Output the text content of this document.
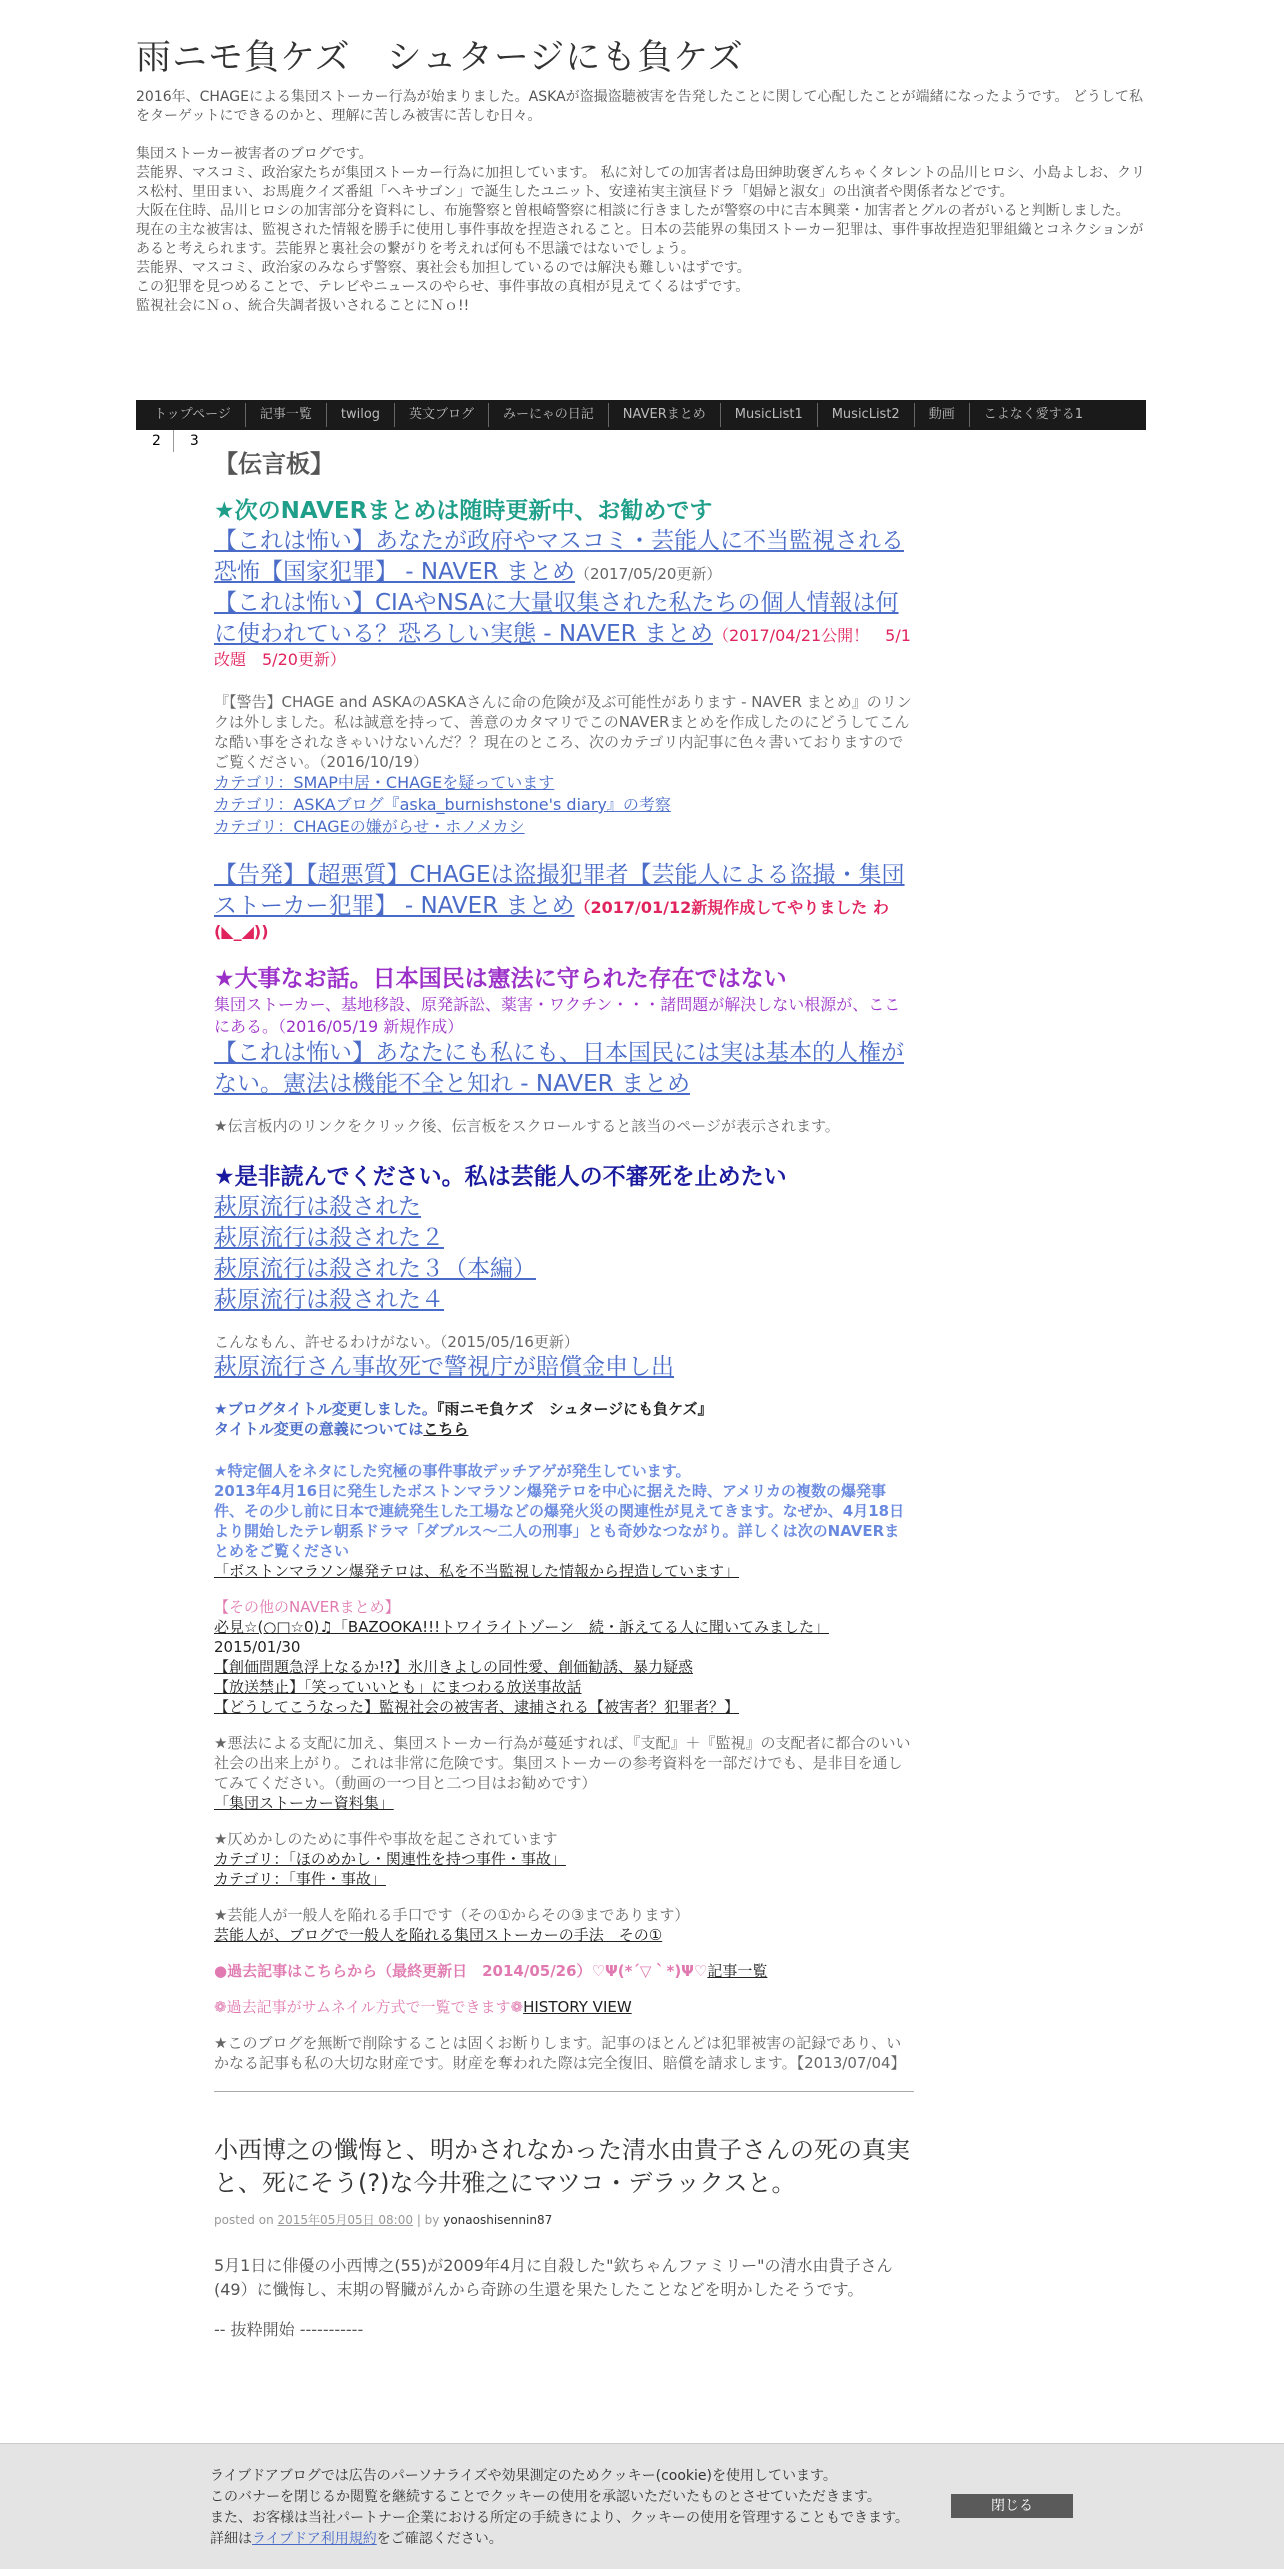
雨ニモ負ケズ　シュタージにも負ケズ
2016年、CHAGEによる集団ストーカー行為が始まりました。ASKAが盗撮盗聴被害を告発したことに関して心配したことが端緒になったようです。 どうして私をターゲットにできるのかと、理解に苦しみ被害に苦しむ日々。

集団ストーカー被害者のブログです。
芸能界、マスコミ、政治家たちが集団ストーカー行為に加担しています。 私に対しての加害者は島田紳助褒ぎんちゃくタレントの品川ヒロシ、小島よしお、クリス松村、里田まい、お馬鹿クイズ番組「ヘキサゴン」で誕生したユニット、安達祐実主演昼ドラ「娼婦と淑女」の出演者や関係者などです。
大阪在住時、品川ヒロシの加害部分を資料にし、布施警察と曽根崎警察に相談に行きましたが警察の中に吉本興業・加害者とグルの者がいると判断しました。
現在の主な被害は、監視された情報を勝手に使用し事件事故を捏造されること。日本の芸能界の集団ストーカー犯罪は、事件事故捏造犯罪組織とコネクションがあると考えられます。芸能界と裏社会の繋がりを考えれば何も不思議ではないでしょう。
芸能界、マスコミ、政治家のみならず警察、裏社会も加担しているのでは解決も難しいはずです。
この犯罪を見つめることで、テレビやニュースのやらせ、事件事故の真相が見えてくるはずです。
監視社会にＮｏ、統合失調者扱いされることにＮｏ!!
トップページ	記事一覧	twilog	英文ブログ	みーにゃの日記	NAVERまとめ	MusicList1	MusicList2	動画	こよなく愛する1
2	3
【伝言板】
★次のNAVERまとめは随時更新中、お勧めです
【これは怖い】あなたが政府やマスコミ・芸能人に不当監視される恐怖【国家犯罪】 - NAVER まとめ（2017/05/20更新）
【これは怖い】CIAやNSAに大量収集された私たちの個人情報は何に使われている？恐ろしい実態 - NAVER まとめ（2017/04/21公開！　5/1改題　5/20更新）

『【警告】CHAGE and ASKAのASKAさんに命の危険が及ぶ可能性があります - NAVER まとめ』のリンクは外しました。私は誠意を持って、善意のカタマリでこのNAVERまとめを作成したのにどうしてこんな酷い事をされなきゃいけないんだ？？現在のところ、次のカテゴリ内記事に色々書いておりますのでご覧ください。（2016/10/19）

カテゴリ：SMAP中居・CHAGEを疑っています
カテゴリ：ASKAブログ『aska_burnishstone's diary』の考察
カテゴリ：CHAGEの嫌がらせ・ホノメカシ
【告発】【超悪質】CHAGEは盗撮犯罪者【芸能人による盗撮・集団ストーカー犯罪】 - NAVER まとめ（2017/01/12新規作成してやりました わ(◣_◢))
★大事なお話。日本国民は憲法に守られた存在ではない

集団ストーカー、基地移設、原発訴訟、薬害・ワクチン・・・諸問題が解決しない根源が、ここにある。（2016/05/19 新規作成）

【これは怖い】あなたにも私にも、日本国民には実は基本的人権がない。憲法は機能不全と知れ - NAVER まとめ

★伝言板内のリンクをクリック後、伝言板をスクロールすると該当のページが表示されます。

★是非読んでください。私は芸能人の不審死を止めたい
萩原流行は殺された
萩原流行は殺された２
萩原流行は殺された３（本編）
萩原流行は殺された４

こんなもん、許せるわけがない。（2015/05/16更新）

萩原流行さん事故死で警視庁が賠償金申し出
★ブログタイトル変更しました。『雨ニモ負ケズ　シュタージにも負ケズ』
タイトル変更の意義についてはこちら
★特定個人をネタにした究極の事件事故デッチアゲが発生しています。

2013年4月16日に発生したボストンマラソン爆発テロを中心に据えた時、アメリカの複数の爆発事件、その少し前に日本で連続発生した工場などの爆発火災の関連性が見えてきます。なぜか、4月18日より開始したテレ朝系ドラマ「ダブルス～二人の刑事」とも奇妙なつながり。詳しくは次のNAVERまとめをご覧ください

「ボストンマラソン爆発テロは、私を不当監視した情報から捏造しています」
【その他のNAVERまとめ】
必見☆(○□☆0)♫「BAZOOKA!!!トワイライトゾーン　続・訴えてる人に聞いてみました」
2015/01/30
【創価問題急浮上なるか!?】氷川きよしの同性愛、創価勧誘、暴力疑惑
【放送禁止】「笑っていいとも」にまつわる放送事故話
【どうしてこうなった】監視社会の被害者、逮捕される【被害者？犯罪者？】

★悪法による支配に加え、集団ストーカー行為が蔓延すれば、『支配』＋『監視』の支配者に都合のいい社会の出来上がり。これは非常に危険です。集団ストーカーの参考資料を一部だけでも、是非目を通してみてください。（動画の一つ目と二つ目はお勧めです）

「集団ストーカー資料集」

★仄めかしのために事件や事故を起こされています

カテゴリ：「ほのめかし・関連性を持つ事件・事故」
カテゴリ：「事件・事故」

★芸能人が一般人を陥れる手口です（その①からその③まであります）

芸能人が、ブログで一般人を陥れる集団ストーカーの手法　その①
●過去記事はこちらから（最終更新日　2014/05/26）♡Ψ(*´▽｀*)Ψ♡記事一覧
❁過去記事がサムネイル方式で一覧できます❁HISTORY VIEW

★このブログを無断で削除することは固くお断りします。記事のほとんどは犯罪被害の記録であり、いかなる記事も私の大切な財産です。財産を奪われた際は完全復旧、賠償を請求します。【2013/07/04】

小西博之の懺悔と、明かされなかった清水由貴子さんの死の真実と、死にそう(?)な今井雅之にマツコ・デラックスと。
posted on 2015年05月05日 08:00 | by yonaoshisennin87

5月1日に俳優の小西博之(55)が2009年4月に自殺した"欽ちゃんファミリー"の清水由貴子さん(49）に懺悔し、末期の腎臓がんから奇跡の生還を果たしたことなどを明かしたそうです。

-- 抜粋開始 -----------

ライブドアブログでは広告のパーソナライズや効果測定のためクッキー(cookie)を使用しています。
このバナーを閉じるか閲覧を継続することでクッキーの使用を承認いただいたものとさせていただきます。
また、お客様は当社パートナー企業における所定の手続きにより、クッキーの使用を管理することもできます。
詳細はライブドア利用規約をご確認ください。
閉じる
